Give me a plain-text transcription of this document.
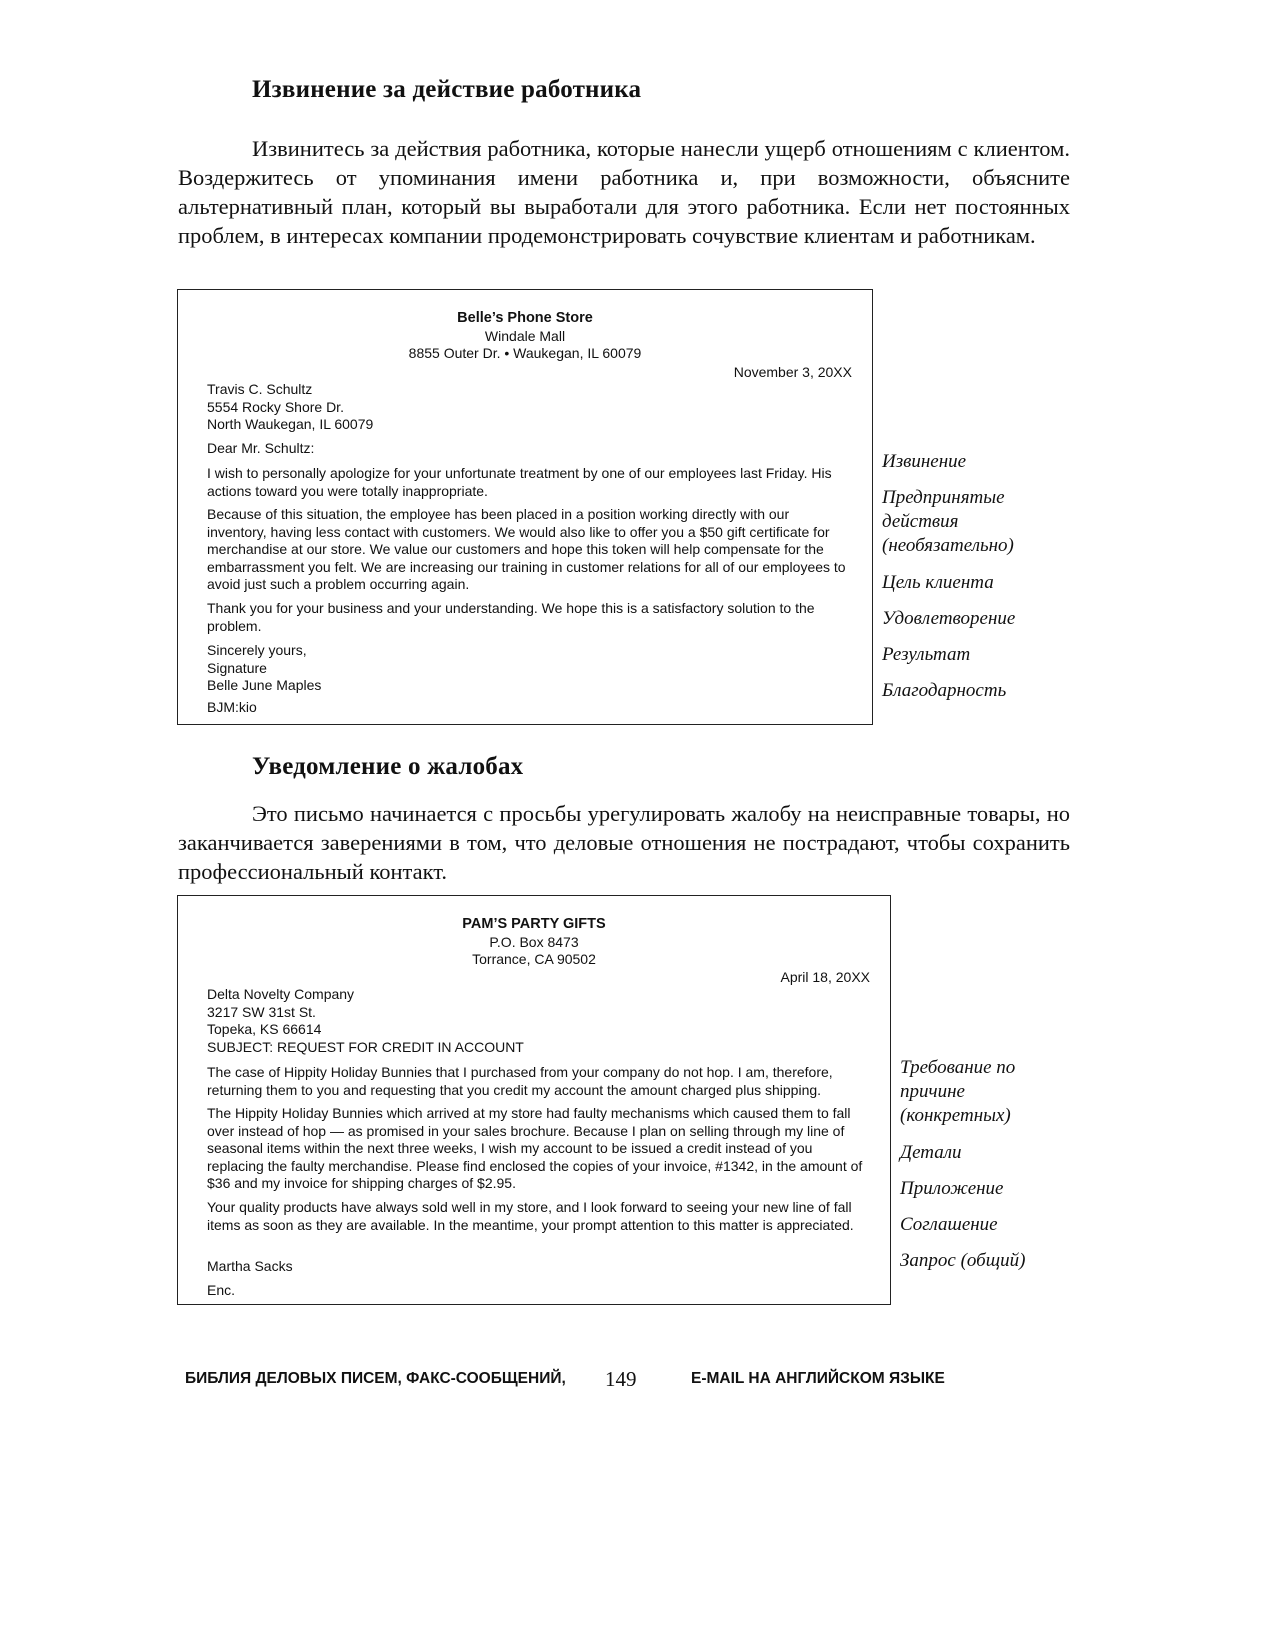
Извинение за действие работника

Извинитесь за действия работника, которые нанесли ущерб отношениям с клиентом. Воздержитесь от упоминания имени работника и, при возможности, объясните альтернативный план, который вы выработали для этого работника. Если нет постоянных проблем, в интересах компании продемонстрировать сочувствие клиентам и работникам.

Belle’s Phone Store
Windale Mall
8855 Outer Dr. • Waukegan, IL 60079
November 3, 20XX
Travis C. Schultz
5554 Rocky Shore Dr.
North Waukegan, IL 60079
Dear Mr. Schultz:
I wish to personally apologize for your unfortunate treatment by one of our employees last Friday. His actions toward you were totally inappropriate.
Because of this situation, the employee has been placed in a position working directly with our inventory, having less contact with customers. We would also like to offer you a $50 gift certificate for merchandise at our store. We value our customers and hope this token will help compensate for the embarrassment you felt. We are increasing our training in customer relations for all of our employees to avoid just such a problem occurring again.
Thank you for your business and your understanding. We hope this is a satisfactory solution to the problem.
Sincerely yours,
Signature
Belle June Maples
BJM:kio
Извинение
Предпринятые действия (необязательно)
Цель клиента
Удовлетворение
Результат
Благодарность
Уведомление о жалобах

Это письмо начинается с просьбы урегулировать жалобу на неисправные товары, но заканчивается заверениями в том, что деловые отношения не пострадают, чтобы сохранить профессиональный контакт.

PAM’S PARTY GIFTS
P.O. Box 8473
Torrance, CA 90502
April 18, 20XX
Delta Novelty Company
3217 SW 31st St.
Topeka, KS 66614
SUBJECT: REQUEST FOR CREDIT IN ACCOUNT
The case of Hippity Holiday Bunnies that I purchased from your company do not hop. I am, therefore, returning them to you and requesting that you credit my account the amount charged plus shipping.
The Hippity Holiday Bunnies which arrived at my store had faulty mechanisms which caused them to fall over instead of hop — as promised in your sales brochure. Because I plan on selling through my line of seasonal items within the next three weeks, I wish my account to be issued a credit instead of you replacing the faulty merchandise. Please find enclosed the copies of your invoice, #1342, in the amount of $36 and my invoice for shipping charges of $2.95.
Your quality products have always sold well in my store, and I look forward to seeing your new line of fall items as soon as they are available. In the meantime, your prompt attention to this matter is appreciated.
Martha Sacks
Enc.
Требование по причине (конкретных)
Детали
Приложение
Соглашение
Запрос (общий)
БИБЛИЯ ДЕЛОВЫХ ПИСЕМ, ФАКС-СООБЩЕНИЙ, 149	E-MAIL НА АНГЛИЙСКОМ ЯЗЫКЕ
